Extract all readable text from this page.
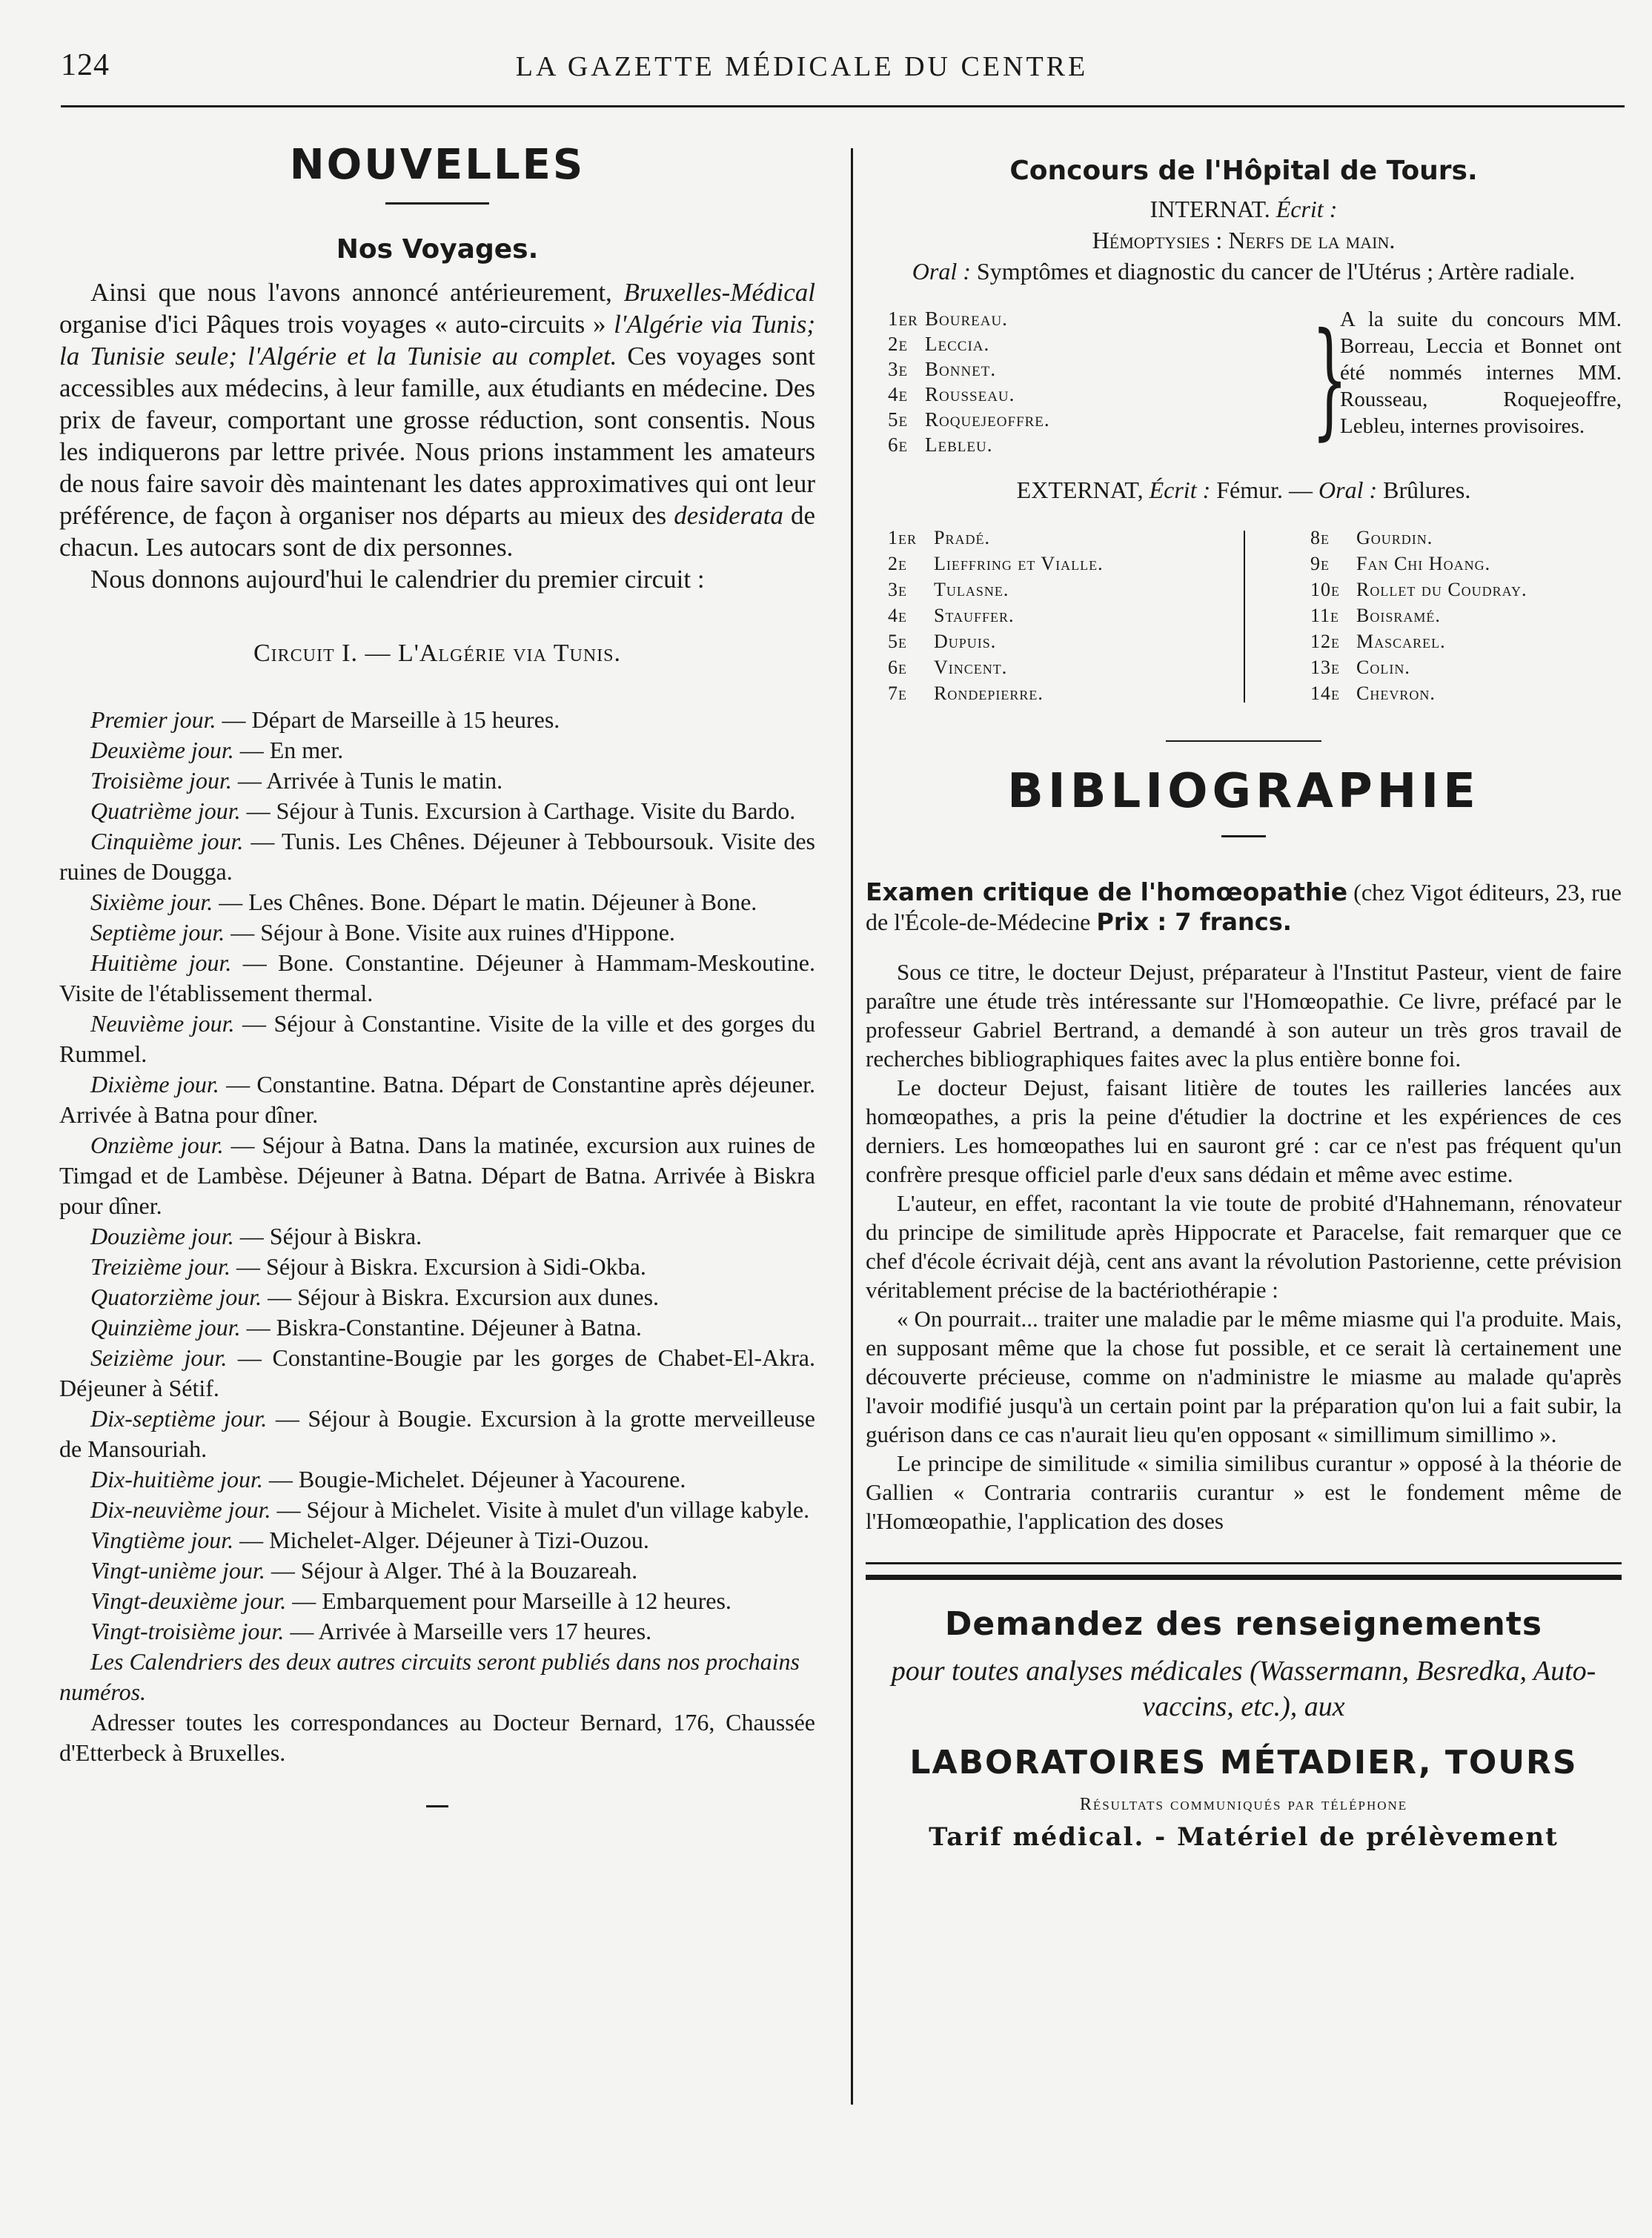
124	LA GAZETTE MÉDICALE DU CENTRE
NOUVELLES
Nos Voyages.

Ainsi que nous l'avons annoncé antérieurement, Bruxelles-Médical organise d'ici Pâques trois voyages « auto-circuits » l'Algérie via Tunis; la Tunisie seule; l'Algérie et la Tunisie au complet. Ces voyages sont accessibles aux médecins, à leur famille, aux étudiants en médecine. Des prix de faveur, comportant une grosse réduction, sont consentis. Nous les indiquerons par lettre privée. Nous prions instamment les amateurs de nous faire savoir dès maintenant les dates approximatives qui ont leur préférence, de façon à organiser nos départs au mieux des desiderata de chacun. Les autocars sont de dix personnes.

Nous donnons aujourd'hui le calendrier du premier circuit :

Circuit I. — L'Algérie via Tunis.

Premier jour. — Départ de Marseille à 15 heures.
Deuxième jour. — En mer.
Troisième jour. — Arrivée à Tunis le matin.
Quatrième jour. — Séjour à Tunis. Excursion à Carthage. Visite du Bardo.
Cinquième jour. — Tunis. Les Chênes. Déjeuner à Tebboursouk. Visite des ruines de Dougga.
Sixième jour. — Les Chênes. Bone. Départ le matin. Déjeuner à Bone.
Septième jour. — Séjour à Bone. Visite aux ruines d'Hippone.
Huitième jour. — Bone. Constantine. Déjeuner à Hammam-Meskoutine. Visite de l'établissement thermal.
Neuvième jour. — Séjour à Constantine. Visite de la ville et des gorges du Rummel.
Dixième jour. — Constantine. Batna. Départ de Constantine après déjeuner. Arrivée à Batna pour dîner.
Onzième jour. — Séjour à Batna. Dans la matinée, excursion aux ruines de Timgad et de Lambèse. Déjeuner à Batna. Départ de Batna. Arrivée à Biskra pour dîner.
Douzième jour. — Séjour à Biskra.
Treizième jour. — Séjour à Biskra. Excursion à Sidi-Okba.
Quatorzième jour. — Séjour à Biskra. Excursion aux dunes.
Quinzième jour. — Biskra-Constantine. Déjeuner à Batna.
Seizième jour. — Constantine-Bougie par les gorges de Chabet-El-Akra. Déjeuner à Sétif.
Dix-septième jour. — Séjour à Bougie. Excursion à la grotte merveilleuse de Mansouriah.
Dix-huitième jour. — Bougie-Michelet. Déjeuner à Yacourene.
Dix-neuvième jour. — Séjour à Michelet. Visite à mulet d'un village kabyle.
Vingtième jour. — Michelet-Alger. Déjeuner à Tizi-Ouzou.
Vingt-unième jour. — Séjour à Alger. Thé à la Bouzareah.
Vingt-deuxième jour. — Embarquement pour Marseille à 12 heures.
Vingt-troisième jour. — Arrivée à Marseille vers 17 heures.

Les Calendriers des deux autres circuits seront publiés dans nos prochains numéros.

Adresser toutes les correspondances au Docteur Bernard, 176, Chaussée d'Etterbeck à Bruxelles.

Concours de l'Hôpital de Tours.

INTERNAT. Écrit :

Hémoptysies : Nerfs de la main.

Oral : Symptômes et diagnostic du cancer de l'Utérus ; Artère radiale.

1er Boureau.
2e Leccia.
3e Bonnet.
4e Rousseau.
5e Roquejeoffre.
6e Lebleu.	}
A la suite du concours MM. Borreau, Leccia et Bonnet ont été nommés internes MM. Rousseau, Roquejeoffre, Lebleu, internes provisoires.

EXTERNAT, Écrit : Fémur. — Oral : Brûlures.

1er Pradé.
2e Lieffring et Vialle.
3e Tulasne.
4e Stauffer.
5e Dupuis.
6e Vincent.
7e Rondepierre.
8e Gourdin.
9e Fan Chi Hoang.
10e Rollet du Coudray.
11e Boisramé.
12e Mascarel.
13e Colin.
14e Chevron.
BIBLIOGRAPHIE

Examen critique de l'homœopathie (chez Vigot éditeurs, 23, rue de l'École-de-Médecine Prix : 7 francs.

Sous ce titre, le docteur Dejust, préparateur à l'Institut Pasteur, vient de faire paraître une étude très intéressante sur l'Homœopathie. Ce livre, préfacé par le professeur Gabriel Bertrand, a demandé à son auteur un très gros travail de recherches bibliographiques faites avec la plus entière bonne foi.

Le docteur Dejust, faisant litière de toutes les railleries lancées aux homœopathes, a pris la peine d'étudier la doctrine et les expériences de ces derniers. Les homœopathes lui en sauront gré : car ce n'est pas fréquent qu'un confrère presque officiel parle d'eux sans dédain et même avec estime.

L'auteur, en effet, racontant la vie toute de probité d'Hahnemann, rénovateur du principe de similitude après Hippocrate et Paracelse, fait remarquer que ce chef d'école écrivait déjà, cent ans avant la révolution Pastorienne, cette prévision véritablement précise de la bactériothérapie :

« On pourrait... traiter une maladie par le même miasme qui l'a produite. Mais, en supposant même que la chose fut possible, et ce serait là certainement une découverte précieuse, comme on n'administre le miasme au malade qu'après l'avoir modifié jusqu'à un certain point par la préparation qu'on lui a fait subir, la guérison dans ce cas n'aurait lieu qu'en opposant « simillimum simillimo ».

Le principe de similitude « similia similibus curantur » opposé à la théorie de Gallien « Contraria contrariis curantur » est le fondement même de l'Homœopathie, l'application des doses

Demandez des renseignements

pour toutes analyses médicales (Wassermann, Besredka, Auto-vaccins, etc.), aux

LABORATOIRES MÉTADIER, TOURS

Résultats communiqués par téléphone

Tarif médical. - Matériel de prélèvement
